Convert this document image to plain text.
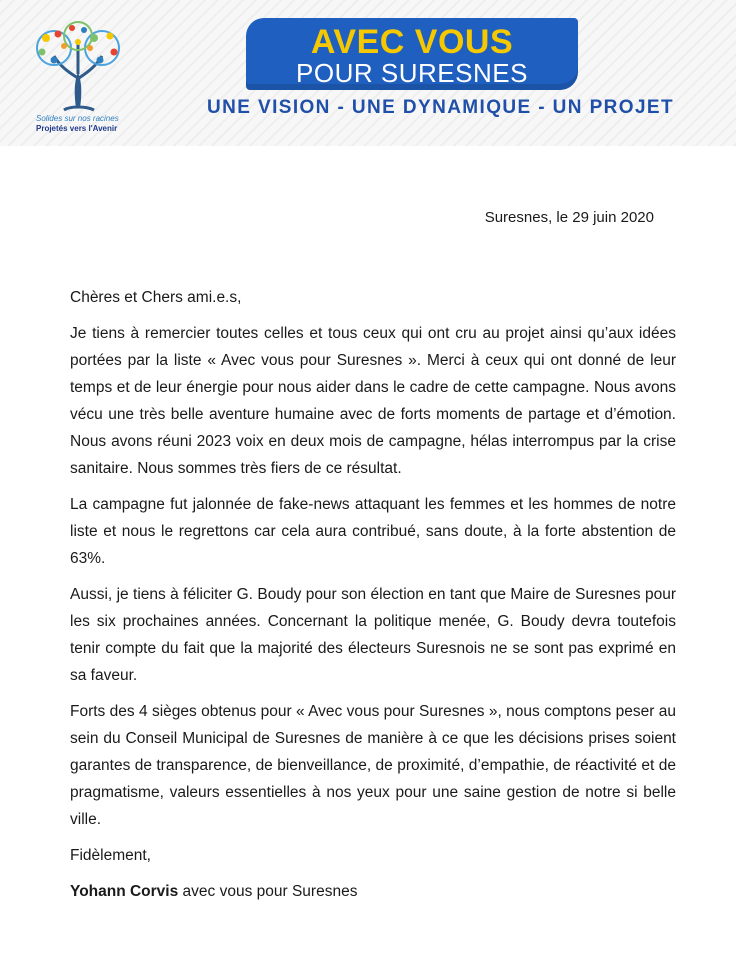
Solides sur nos racines
Projetés vers l'Avenir
AVEC VOUS
POUR SURESNES
UNE VISION - UNE DYNAMIQUE - UN PROJET
Suresnes, le 29 juin 2020

Chères et Chers ami.e.s,

Je tiens à remercier toutes celles et tous ceux qui ont cru au projet ainsi qu’aux idées portées par la liste « Avec vous pour Suresnes ». Merci à ceux qui ont donné de leur temps et de leur énergie pour nous aider dans le cadre de cette campagne. Nous avons vécu une très belle aventure humaine avec de forts moments de partage et d’émotion. Nous avons réuni 2023 voix en deux mois de campagne, hélas interrompus par la crise sanitaire. Nous sommes très fiers de ce résultat.

La campagne fut jalonnée de fake-news attaquant les femmes et les hommes de notre liste et nous le regrettons car cela aura contribué, sans doute, à la forte abstention de 63%.

Aussi, je tiens à féliciter G. Boudy pour son élection en tant que Maire de Suresnes pour les six prochaines années. Concernant la politique menée, G. Boudy devra toutefois tenir compte du fait que la majorité des électeurs Suresnois ne se sont pas exprimé en sa faveur.

Forts des 4 sièges obtenus pour « Avec vous pour Suresnes », nous comptons peser au sein du Conseil Municipal de Suresnes de manière à ce que les décisions prises soient garantes de transparence, de bienveillance, de proximité, d’empathie, de réactivité et de pragmatisme, valeurs essentielles à nos yeux pour une saine gestion de notre si belle ville.

Fidèlement,

Yohann Corvis avec vous pour Suresnes
